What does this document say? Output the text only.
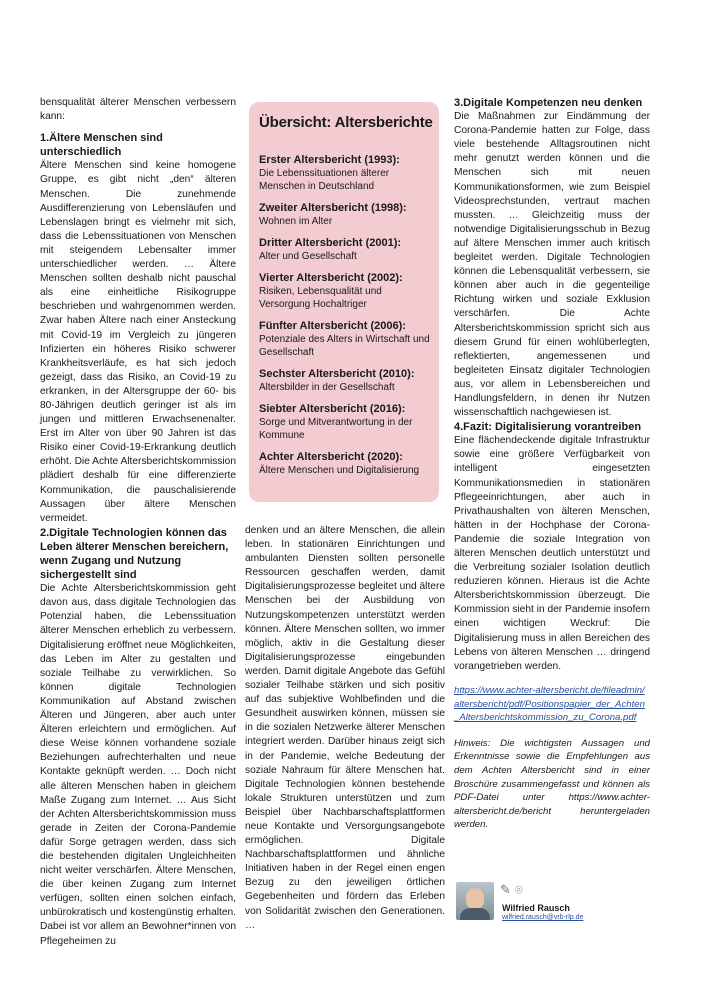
bensqualität älterer Menschen verbessern kann:

1.Ältere Menschen sind unterschiedlich

Ältere Menschen sind keine homogene Gruppe, es gibt nicht „den“ älteren Menschen. Die zunehmende Ausdifferenzierung von Lebensläufen und Lebenslagen bringt es vielmehr mit sich, dass die Lebenssituationen von Menschen mit steigendem Lebensalter immer unterschiedlicher werden. … Ältere Menschen sollten deshalb nicht pauschal als eine einheitliche Risikogruppe beschrieben und wahrgenommen werden. Zwar haben Ältere nach einer Ansteckung mit Covid-19 im Vergleich zu jüngeren Infizierten ein höheres Risiko schwerer Krankheitsverläufe, es hat sich jedoch gezeigt, dass das Risiko, an Covid-19 zu erkranken, in der Altersgruppe der 60- bis 80-Jährigen deutlich geringer ist als im jungen und mittleren Erwachsenenalter. Erst im Alter von über 90 Jahren ist das Risiko einer Covid-19-Erkrankung deutlich erhöht. Die Achte Altersberichtskommission plädiert deshalb für eine differenzierte Kommunikation, die pauschalisierende Aussagen über ältere Menschen vermeidet.

2.Digitale Technologien können das Leben älterer Menschen bereichern, wenn Zugang und Nutzung sichergestellt sind

Die Achte Altersberichtskommission geht davon aus, dass digitale Technologien das Potenzial haben, die Lebenssituation älterer Menschen erheblich zu verbessern. Digitalisierung eröffnet neue Möglichkeiten, das Leben im Alter zu gestalten und soziale Teilhabe zu verwirklichen. So können digitale Technologien Kommunikation auf Abstand zwischen Älteren und Jüngeren, aber auch unter Älteren erleichtern und ermöglichen. Auf diese Weise können vorhandene soziale Beziehungen aufrechterhalten und neue Kontakte geknüpft werden. … Doch nicht alle älteren Menschen haben in gleichem Maße Zugang zum Internet. … Aus Sicht der Achten Altersberichtskommission muss gerade in Zeiten der Corona-Pandemie dafür Sorge getragen werden, dass sich die bestehenden digitalen Ungleichheiten nicht weiter verschärfen. Ältere Menschen, die über keinen Zugang zum Internet verfügen, sollten einen solchen einfach, unbürokratisch und kostengünstig erhalten. Dabei ist vor allem an Bewohner*innen von Pflegeheimen zu

Übersicht: Altersberichte
Erster Altersbericht (1993):
Die Lebenssituationen älterer Menschen in Deutschland
Zweiter Altersbericht (1998):
Wohnen im Alter
Dritter Altersbericht (2001):
Alter und Gesellschaft
Vierter Altersbericht (2002):
Risiken, Lebensqualität und Versorgung Hochaltriger
Fünfter Altersbericht (2006):
Potenziale des Alters in Wirtschaft und Gesellschaft
Sechster Altersbericht (2010):
Altersbilder in der Gesellschaft
Siebter Altersbericht (2016):
Sorge und Mitverantwortung in der Kommune
Achter Altersbericht (2020):
Ältere Menschen und Digitalisierung

denken und an ältere Menschen, die allein leben. In stationären Einrichtungen und ambulanten Diensten sollten personelle Ressourcen geschaffen werden, damit Digitalisierungsprozesse begleitet und ältere Menschen bei der Ausbildung von Nutzungskompetenzen unterstützt werden können. Ältere Menschen sollten, wo immer möglich, aktiv in die Gestaltung dieser Digitalisierungsprozesse eingebunden werden. Damit digitale Angebote das Gefühl sozialer Teilhabe stärken und sich positiv auf das subjektive Wohlbefinden und die Gesundheit auswirken können, müssen sie in die sozialen Netzwerke älterer Menschen integriert werden. Darüber hinaus zeigt sich in der Pandemie, welche Bedeutung der soziale Nahraum für ältere Menschen hat. Digitale Technologien können bestehende lokale Strukturen unterstützen und zum Beispiel über Nachbarschaftsplattformen neue Kontakte und Versorgungsangebote ermöglichen. Digitale Nachbarschaftsplattformen und ähnliche Initiativen haben in der Regel einen engen Bezug zu den jeweiligen örtlichen Gegebenheiten und fördern das Erleben von Solidarität zwischen den Generationen. …

3.Digitale Kompetenzen neu denken

Die Maßnahmen zur Eindämmung der Corona-Pandemie hatten zur Folge, dass viele bestehende Alltagsroutinen nicht mehr genutzt werden können und die Menschen sich mit neuen Kommunikationsformen, wie zum Beispiel Videosprechstunden, vertraut machen mussten. … Gleichzeitig muss der notwendige Digitalisierungsschub in Bezug auf ältere Menschen immer auch kritisch begleitet werden. Digitale Technologien können die Lebensqualität verbessern, sie können aber auch in die gegenteilige Richtung wirken und soziale Exklusion verschärfen. Die Achte Altersberichtskommission spricht sich aus diesem Grund für einen wohlüberlegten, reflektierten, angemessenen und begleiteten Einsatz digitaler Technologien aus, vor allem in Lebensbereichen und Handlungsfeldern, in denen ihr Nutzen wissenschaftlich nachgewiesen ist.

4.Fazit: Digitalisierung vorantreiben

Eine flächendeckende digitale Infrastruktur sowie eine größere Verfügbarkeit von intelligent eingesetzten Kommunikationsmedien in stationären Pflegeeinrichtungen, aber auch in Privathaushalten von älteren Menschen, hätten in der Hochphase der Corona-Pandemie die soziale Integration von älteren Menschen deutlich unterstützt und die Verbreitung sozialer Isolation deutlich reduzieren können. Hieraus ist die Achte Altersberichtskommission überzeugt. Die Kommission sieht in der Pandemie insofern einen wichtigen Weckruf: Die Digitalisierung muss in allen Bereichen des Lebens von älteren Menschen … dringend vorangetrieben werden.

https://www.achter-altersbericht.de/fileadmin/altersbericht/pdf/Positionspapier_der_Achten_Altersberichtskommission_zu_Corona.pdf

Hinweis: Die wichtigsten Aussagen und Erkenntnisse sowie die Empfehlungen aus dem Achten Altersbericht sind in einer Broschüre zusammengefasst und können als PDF-Datei unter https://www.achter-altersbericht.de/bericht heruntergeladen werden.

✎⌾
Wilfried Rausch
wilfried.rausch@vrb-rlp.de
